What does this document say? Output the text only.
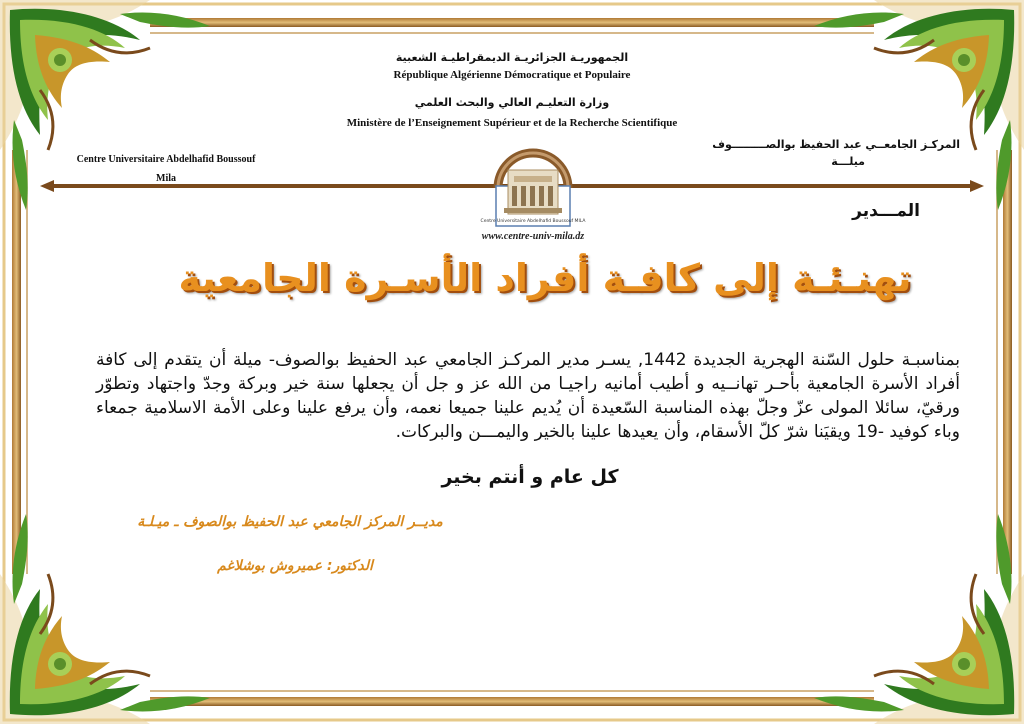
الجمهوريـة الجزائريـة الديمقراطيـة الشعبية
République Algérienne Démocratique et Populaire
وزارة التعليـم العالي والبحث العلمي
Ministère de l’Enseignement Supérieur et de la Recherche Scientifique
Centre Universitaire Abdelhafid Boussouf
Mila
المركـز الجامعــي عبد الحفيظ بوالصـــــــــوف
ميلـــة
Centre Universitaire Abdelhafid Boussouf MILA
www.centre-univ-mila.dz
المـــدير
تهنـئـة إلى كافـة أفراد الأسـرة الجامعية
بمناسبـة حلول السّنة الهجرية الجديدة 1442, يسـر مدير المركـز الجامعي عبد الحفيظ بوالصوف- ميلة أن يتقدم إلى كافة أفراد الأسرة الجامعية بأحـر تهانــيه و أطيب أمانيه راجيـا من الله عز و جل أن يجعلها سنة خير وبركة وجدّ واجتهاد وتطوّر ورقيّ، سائلا المولى عزّ وجلّ بهذه المناسبة السّعيدة أن يُديم علينا جميعا نعمه، وأن يرفع علينا وعلى الأمة الاسلامية جمعاء وباء كوفيد -19 ويقيَنا شرّ كلّ الأسقام، وأن يعيدها علينا بالخير واليمـــن والبركات.
كل عام و أنتم بخير
مديــر المركز الجامعي عبد الحفيظ بوالصوف ـ ميـلـة
الدكتور: عميروش بوشلاغم
